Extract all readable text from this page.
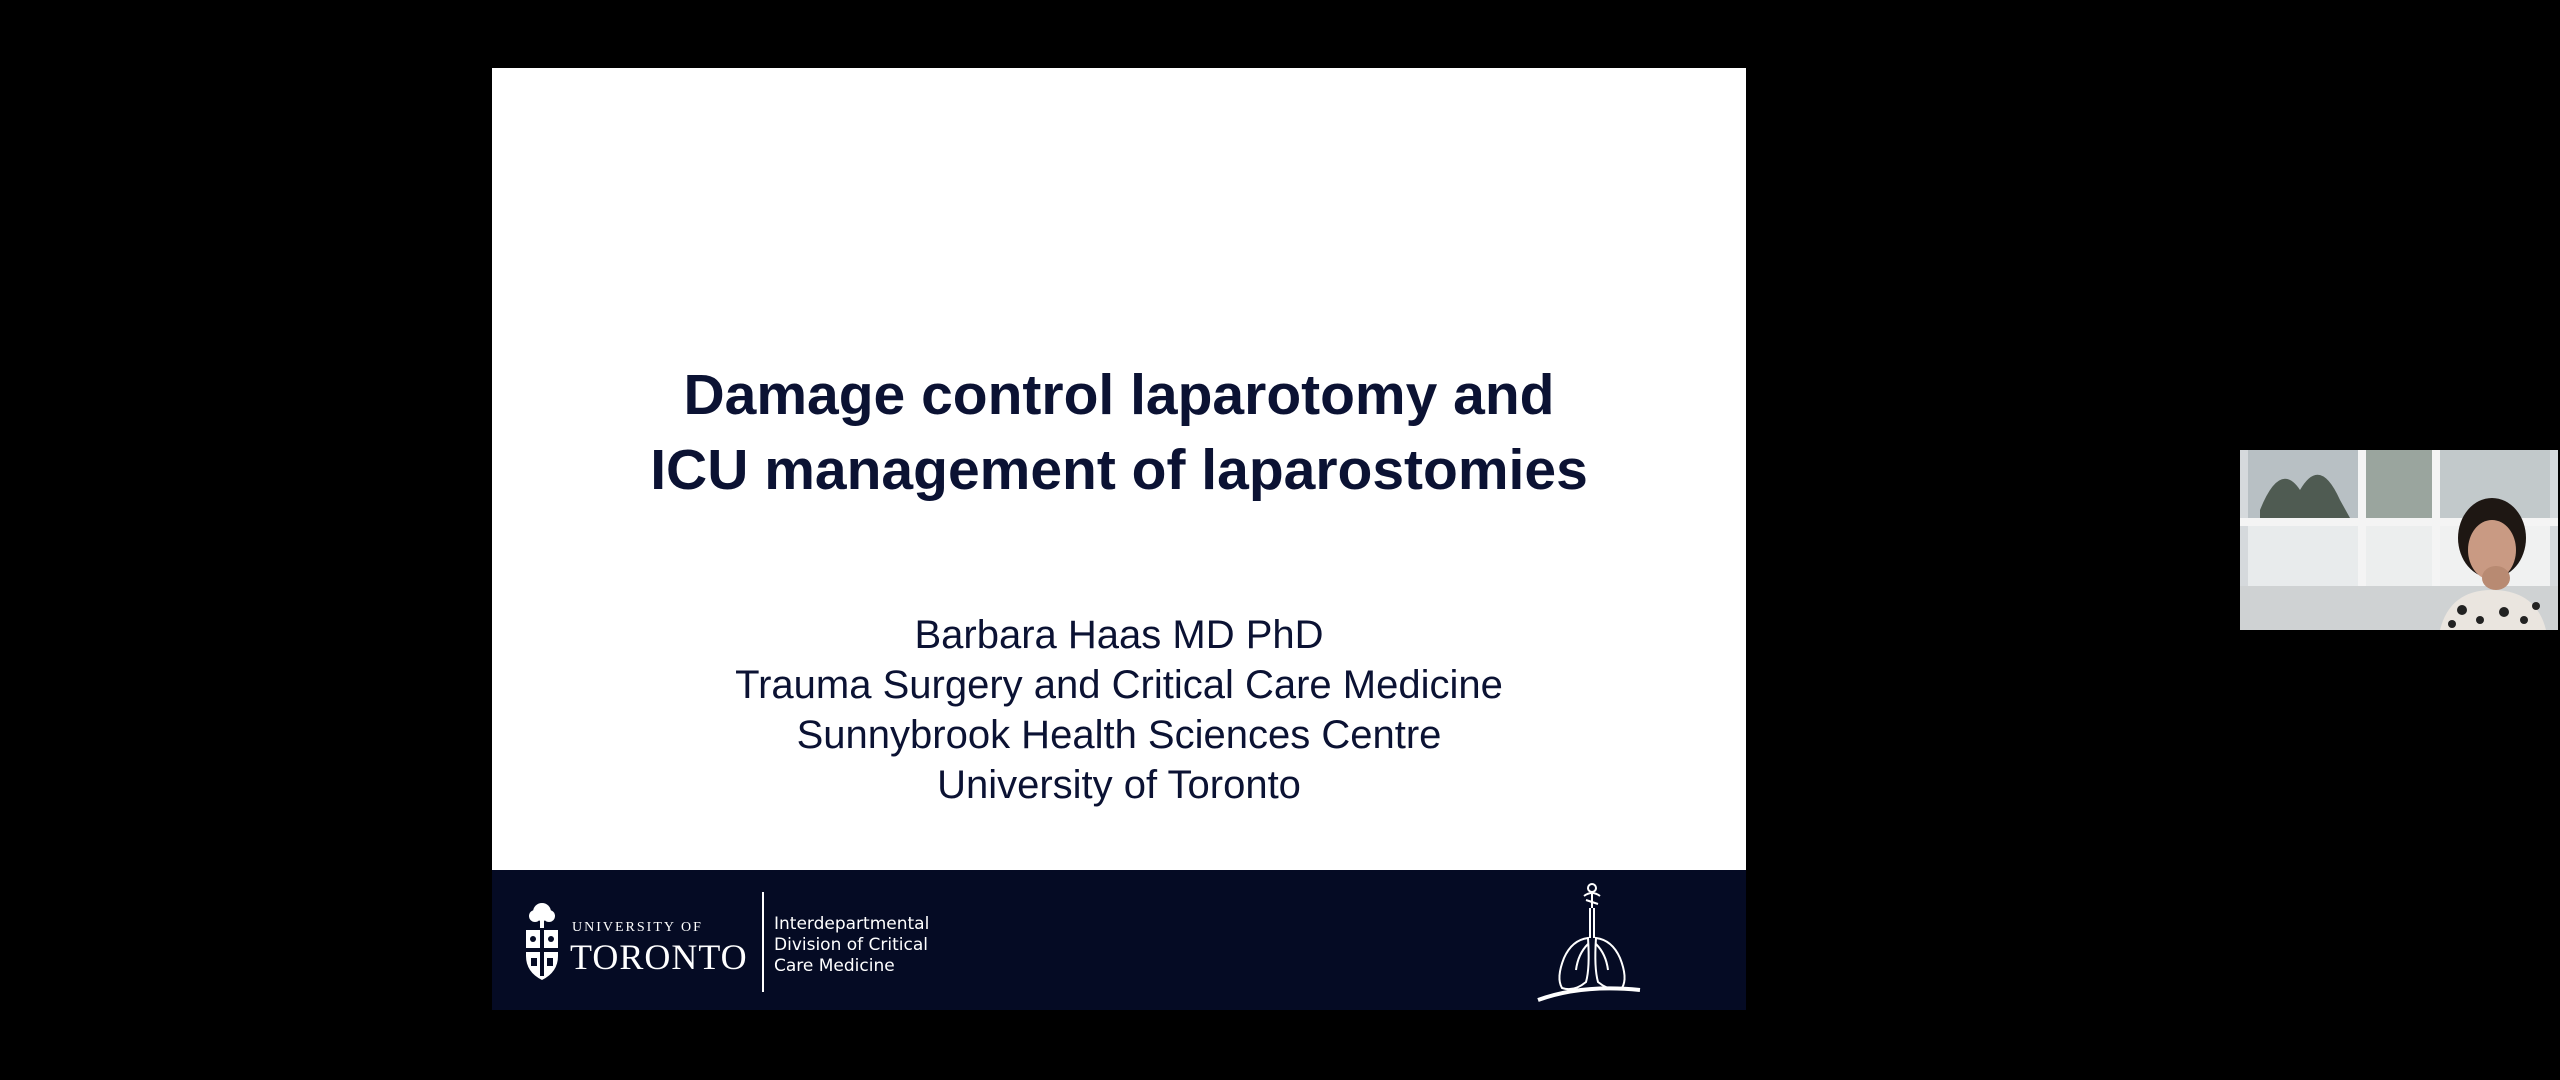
Damage control laparotomy and
ICU management of laparostomies
Barbara Haas MD PhD
Trauma Surgery and Critical Care Medicine
Sunnybrook Health Sciences Centre
University of Toronto
UNIVERSITY OF
TORONTO
Interdepartmental
Division of Critical
Care Medicine
